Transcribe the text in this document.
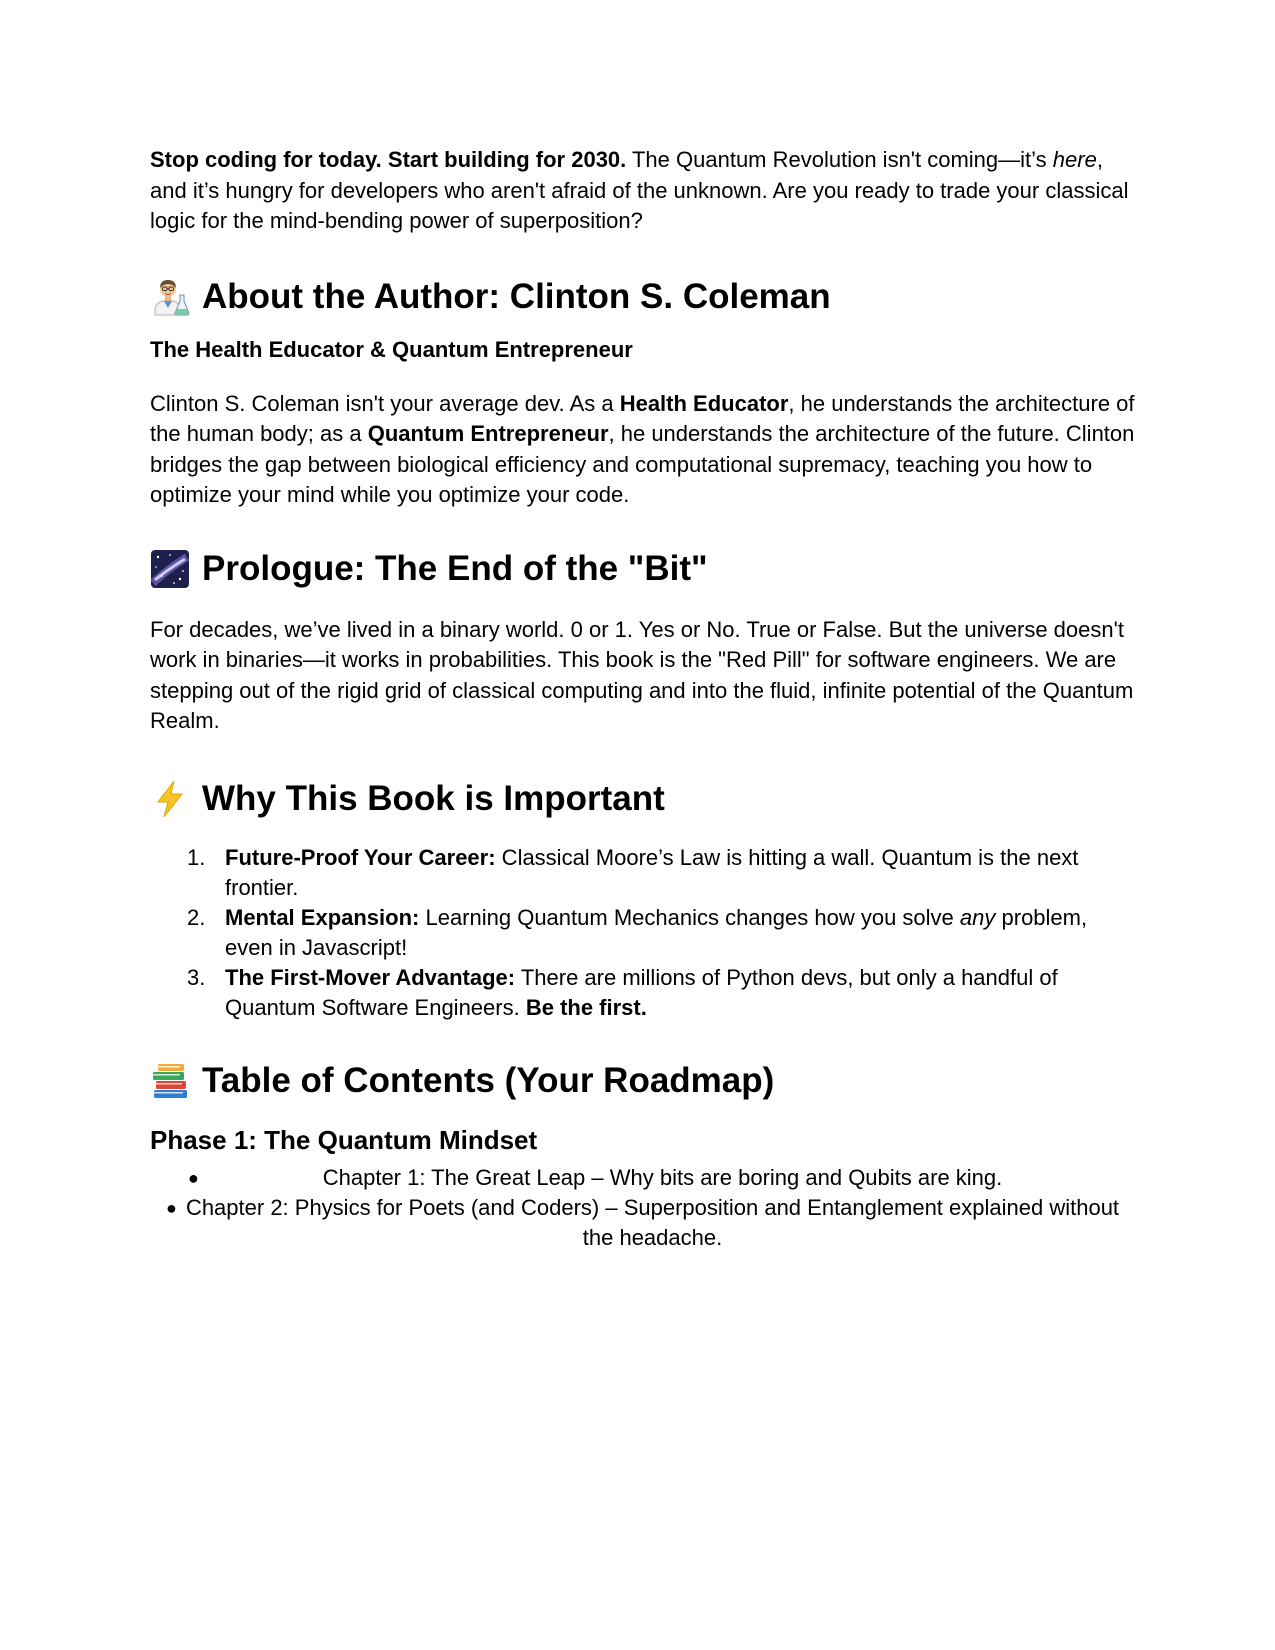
Stop coding for today. Start building for 2030. The Quantum Revolution isn't coming—it’s here, and it’s hungry for developers who aren't afraid of the unknown. Are you ready to trade your classical logic for the mind-bending power of superposition?

About the Author: Clinton S. Coleman
The Health Educator & Quantum Entrepreneur

Clinton S. Coleman isn't your average dev. As a Health Educator, he understands the architecture of the human body; as a Quantum Entrepreneur, he understands the architecture of the future. Clinton bridges the gap between biological efficiency and computational supremacy, teaching you how to optimize your mind while you optimize your code.

Prologue: The End of the "Bit"

For decades, we’ve lived in a binary world. 0 or 1. Yes or No. True or False. But the universe doesn't work in binaries—it works in probabilities. This book is the "Red Pill" for software engineers. We are stepping out of the rigid grid of classical computing and into the fluid, infinite potential of the Quantum Realm.

Why This Book is Important
1. Future-Proof Your Career: Classical Moore’s Law is hitting a wall. Quantum is the next frontier.
2. Mental Expansion: Learning Quantum Mechanics changes how you solve any problem, even in Javascript!
3. The First-Mover Advantage: There are millions of Python devs, but only a handful of Quantum Software Engineers. Be the first.
Table of Contents (Your Roadmap)
Phase 1: The Quantum Mindset
●	Chapter 1: The Great Leap – Why bits are boring and Qubits are king.
● Chapter 2: Physics for Poets (and Coders) – Superposition and Entanglement explained without the headache.
